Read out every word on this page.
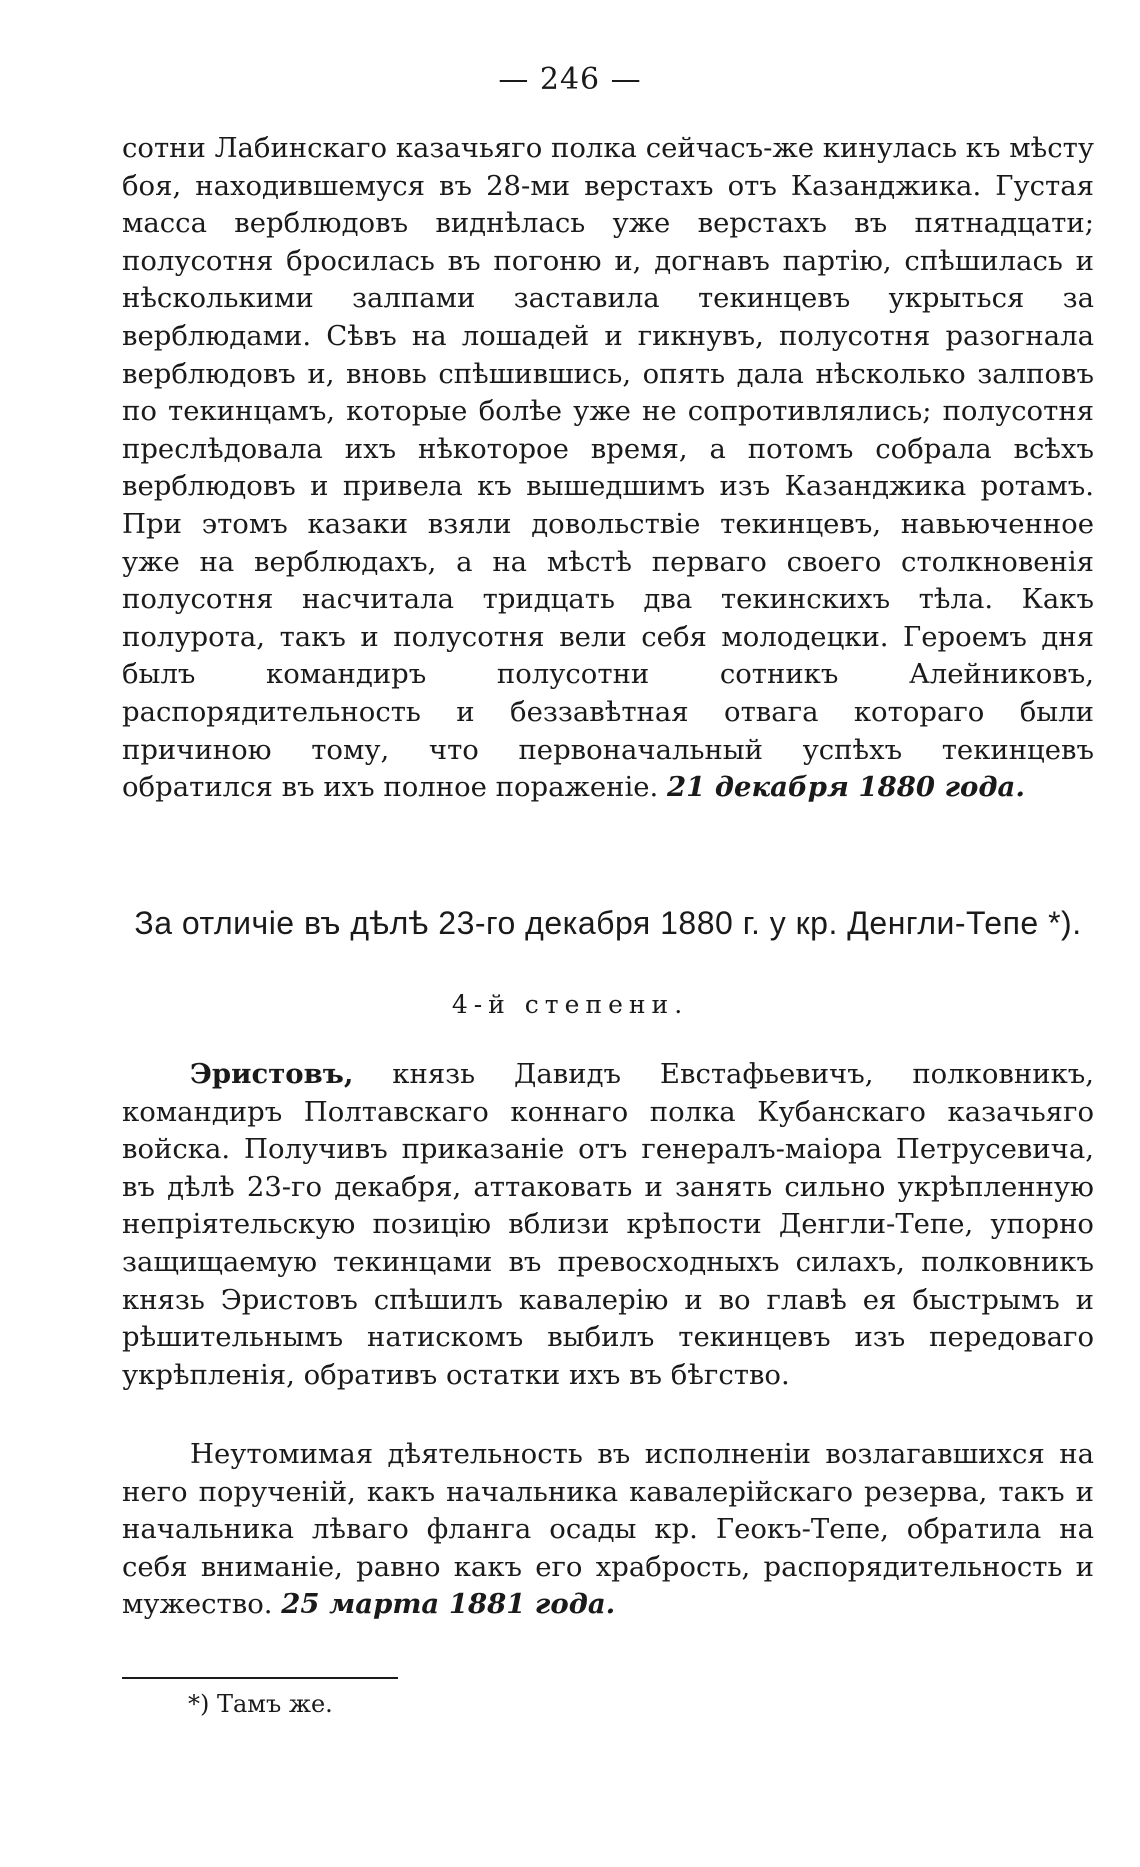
— 246 —

сотни Лабинскаго казачьяго полка сейчасъ-же кинулась къ мѣсту боя, находившемуся въ 28-ми верстахъ отъ Казанджика. Густая масса верблюдовъ виднѣлась уже верстахъ въ пятнадцати; полусотня бросилась въ погоню и, догнавъ партію, спѣшилась и нѣсколькими залпами заставила текинцевъ укрыться за верблюдами. Сѣвъ на лошадей и гикнувъ, полусотня разогнала верблюдовъ и, вновь спѣшившись, опять дала нѣсколько залповъ по текинцамъ, которые болѣе уже не сопротивлялись; полусотня преслѣдовала ихъ нѣкоторое время, а потомъ собрала всѣхъ верблюдовъ и привела къ вышедшимъ изъ Казанджика ротамъ. При этомъ казаки взяли довольствіе текинцевъ, навьюченное уже на верблюдахъ, а на мѣстѣ перваго своего столкновенія полусотня насчитала тридцать два текинскихъ тѣла. Какъ полурота, такъ и полусотня вели себя молодецки. Героемъ дня былъ командиръ полусотни сотникъ Алейниковъ, распорядительность и беззавѣтная отвага котораго были причиною тому, что первоначальный успѣхъ текинцевъ обратился въ ихъ полное пораженіе. 21 декабря 1880 года.

За отличіе въ дѣлѣ 23-го декабря 1880 г. у кр. Денгли-Тепе *).
4-й степени.

Эристовъ, князь Давидъ Евстафьевичъ, полковникъ, командиръ Полтавскаго коннаго полка Кубанскаго казачьяго войска. Получивъ приказаніе отъ генералъ-маіора Петрусевича, въ дѣлѣ 23-го декабря, аттаковать и занять сильно укрѣпленную непріятельскую позицію вблизи крѣпости Денгли-Тепе, упорно защищаемую текинцами въ превосходныхъ силахъ, полковникъ князь Эристовъ спѣшилъ кавалерію и во главѣ ея быстрымъ и рѣшительнымъ натискомъ выбилъ текинцевъ изъ передоваго укрѣпленія, обративъ остатки ихъ въ бѣгство.

Неутомимая дѣятельность въ исполненіи возлагавшихся на него порученій, какъ начальника кавалерійскаго резерва, такъ и начальника лѣваго фланга осады кр. Геокъ-Тепе, обратила на себя вниманіе, равно какъ его храбрость, распорядительность и мужество. 25 марта 1881 года.

*) Тамъ же.
